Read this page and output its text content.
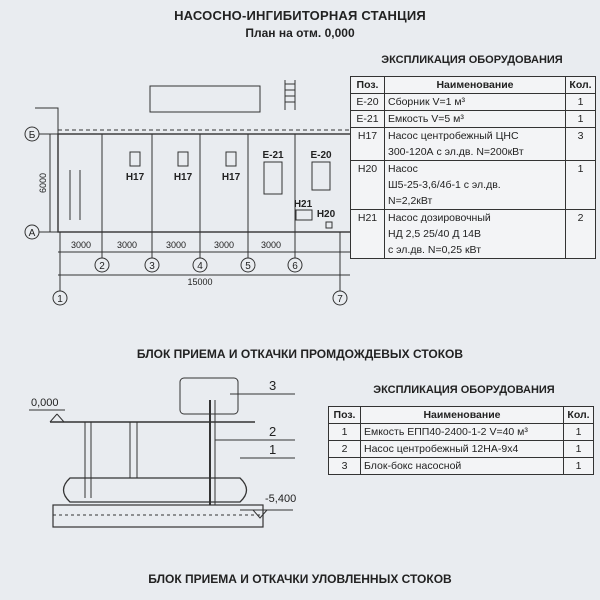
НАСОСНО-ИНГИБИТОРНАЯ СТАНЦИЯ
План на отм. 0,000
Б
А
1
2	3	4	5	6
7
3000	3000	3000	3000	3000
15000
6000	H17	H17	H17
E-21	E-20
H21
H20
ЭКСПЛИКАЦИЯ ОБОРУДОВАНИЯ
Поз.	Наименование	Кол.
Е-20	Сборник V=1 м³	1
Е-21	Емкость V=5 м³	1
H17	Насос центробежный ЦНС	3
	300-120А с эл.дв. N=200кВт	
H20	Насос	1
	Ш5-25-3,6/4б-1 с эл.дв.	
	N=2,2кВт	
H21	Насос дозировочный	2
	НД 2,5 25/40 Д 14В	
	с эл.дв. N=0,25 кВт	
БЛОК ПРИЕМА И ОТКАЧКИ ПРОМДОЖДЕВЫХ СТОКОВ
0,000
-5,400
3
2
1
ЭКСПЛИКАЦИЯ ОБОРУДОВАНИЯ
Поз.	Наименование	Кол.
1	Емкость ЕПП40-2400-1-2 V=40 м³	1
2	Насос центробежный 12НА-9х4	1
3	Блок-бокс насосной	1
БЛОК ПРИЕМА И ОТКАЧКИ УЛОВЛЕННЫХ СТОКОВ
